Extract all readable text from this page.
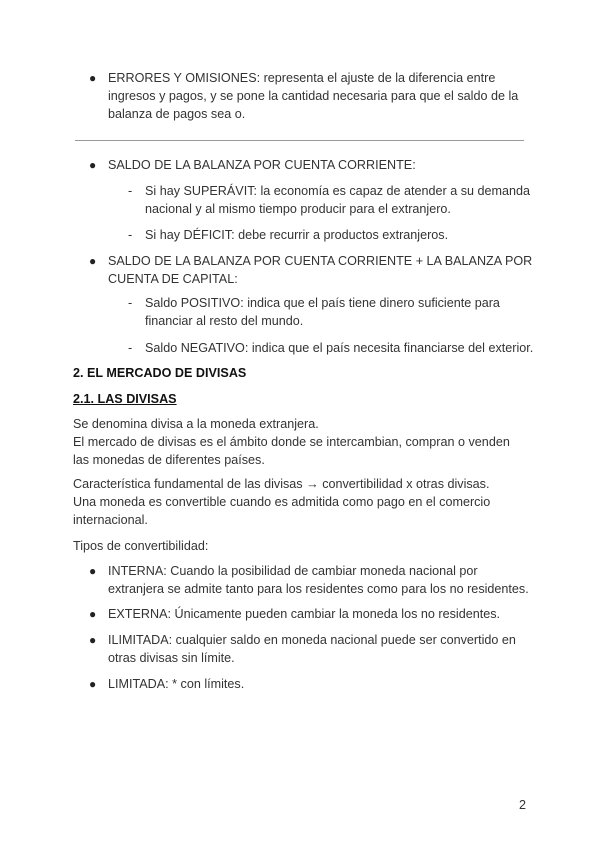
● ERRORES Y OMISIONES: representa el ajuste de la diferencia entre
ingresos y pagos, y se pone la cantidad necesaria para que el saldo de la
balanza de pagos sea o.
● SALDO DE LA BALANZA POR CUENTA CORRIENTE:
- Si hay SUPERÁVIT: la economía es capaz de atender a su demanda
nacional y al mismo tiempo producir para el extranjero.
- Si hay DÉFICIT: debe recurrir a productos extranjeros.
● SALDO DE LA BALANZA POR CUENTA CORRIENTE + LA BALANZA POR
CUENTA DE CAPITAL:
- Saldo POSITIVO: indica que el país tiene dinero suficiente para
financiar al resto del mundo.
- Saldo NEGATIVO: indica que el país necesita financiarse del exterior.
2. EL MERCADO DE DIVISAS
2.1. LAS DIVISAS
Se denomina divisa a la moneda extranjera.
El mercado de divisas es el ámbito donde se intercambian, compran o venden
las monedas de diferentes países.
Característica fundamental de las divisas → convertibilidad x otras divisas.
Una moneda es convertible cuando es admitida como pago en el comercio
internacional.
Tipos de convertibilidad:
● INTERNA: Cuando la posibilidad de cambiar moneda nacional por
extranjera se admite tanto para los residentes como para los no residentes.
● EXTERNA: Únicamente pueden cambiar la moneda los no residentes.
● ILIMITADA: cualquier saldo en moneda nacional puede ser convertido en
otras divisas sin límite.
● LIMITADA: * con límites.
2
